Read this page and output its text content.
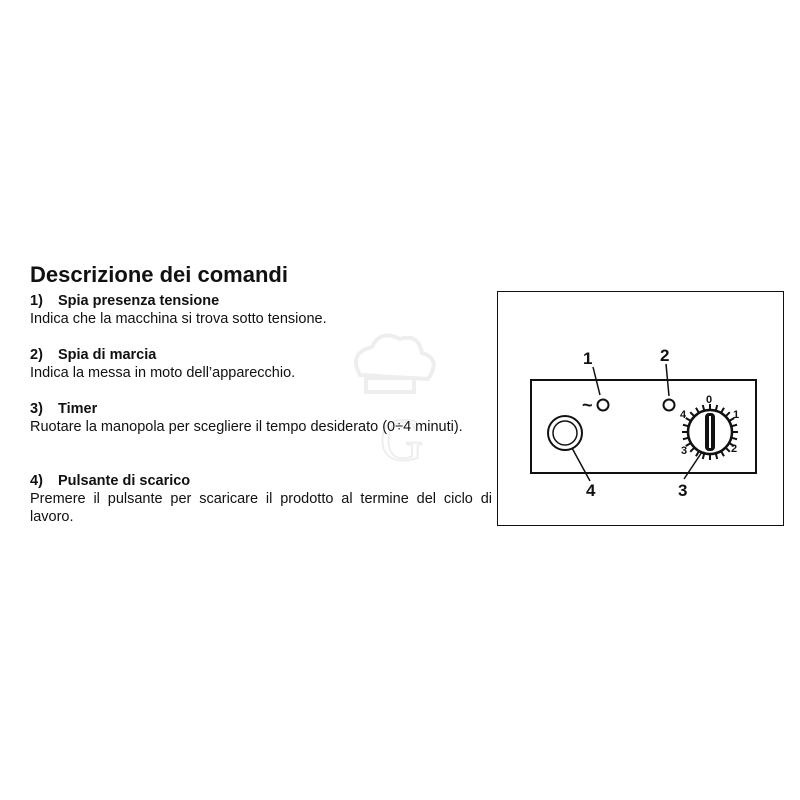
Descrizione dei comandi
1) Spia presenza tensione
Indica che la macchina si trova sotto tensione.
2) Spia di marcia
Indica la messa in moto dell’apparecchio.
3) Timer
Ruotare la manopola per scegliere il tempo desiderato (0÷4 minuti).
4) Pulsante di scarico
Premere il pulsante per scaricare il prodotto al termine del ciclo di lavoro.
G
1	2
3
4
~	0
1
2
3
4
